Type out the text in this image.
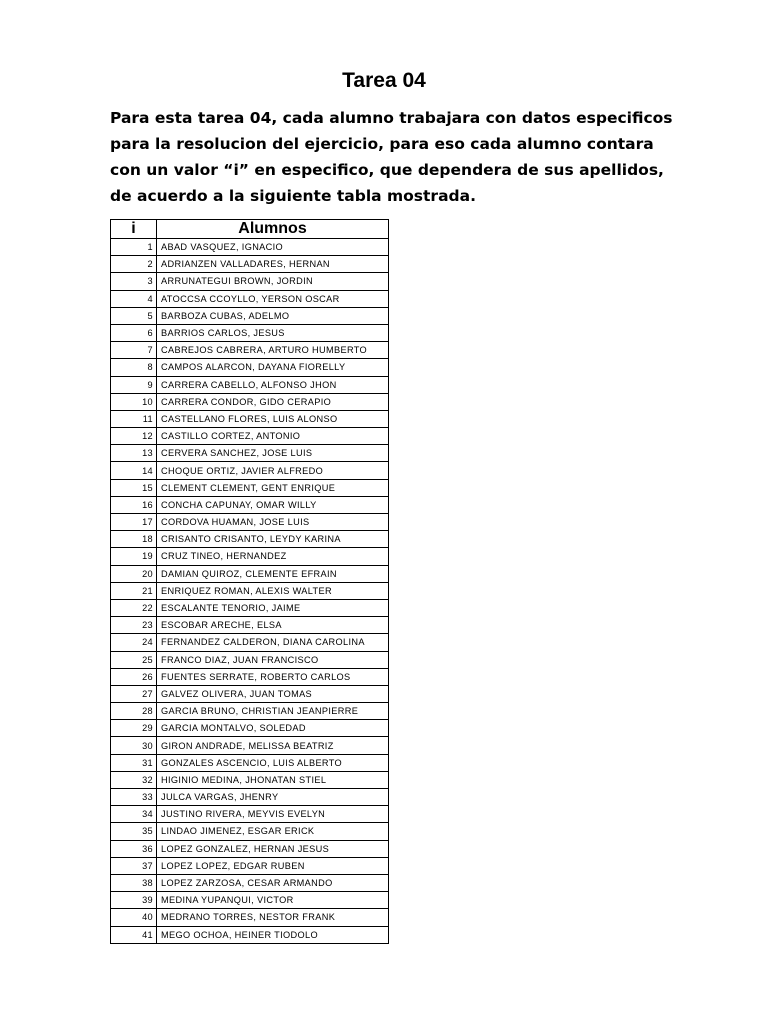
Tarea 04

Para esta tarea 04, cada alumno trabajara con datos especificos
para la resolucion del ejercicio, para eso cada alumno contara
con un valor “i” en especifico, que dependera de sus apellidos,
de acuerdo a la siguiente tabla mostrada.

i	Alumnos
1	ABAD VASQUEZ, IGNACIO
2	ADRIANZEN VALLADARES, HERNAN
3	ARRUNATEGUI BROWN, JORDIN
4	ATOCCSA CCOYLLO, YERSON OSCAR
5	BARBOZA CUBAS, ADELMO
6	BARRIOS CARLOS, JESUS
7	CABREJOS CABRERA, ARTURO HUMBERTO
8	CAMPOS ALARCON, DAYANA FIORELLY
9	CARRERA CABELLO, ALFONSO JHON
10	CARRERA CONDOR, GIDO CERAPIO
11	CASTELLANO FLORES, LUIS ALONSO
12	CASTILLO CORTEZ, ANTONIO
13	CERVERA SANCHEZ, JOSE LUIS
14	CHOQUE ORTIZ, JAVIER ALFREDO
15	CLEMENT CLEMENT, GENT ENRIQUE
16	CONCHA CAPUNAY, OMAR WILLY
17	CORDOVA HUAMAN, JOSE LUIS
18	CRISANTO CRISANTO, LEYDY KARINA
19	CRUZ TINEO, HERNANDEZ
20	DAMIAN QUIROZ, CLEMENTE EFRAIN
21	ENRIQUEZ ROMAN, ALEXIS WALTER
22	ESCALANTE TENORIO, JAIME
23	ESCOBAR ARECHE, ELSA
24	FERNANDEZ CALDERON, DIANA CAROLINA
25	FRANCO DIAZ, JUAN FRANCISCO
26	FUENTES SERRATE, ROBERTO CARLOS
27	GALVEZ OLIVERA, JUAN TOMAS
28	GARCIA BRUNO, CHRISTIAN JEANPIERRE
29	GARCIA MONTALVO, SOLEDAD
30	GIRON ANDRADE, MELISSA BEATRIZ
31	GONZALES ASCENCIO, LUIS ALBERTO
32	HIGINIO MEDINA, JHONATAN STIEL
33	JULCA VARGAS, JHENRY
34	JUSTINO RIVERA, MEYVIS EVELYN
35	LINDAO JIMENEZ, ESGAR ERICK
36	LOPEZ GONZALEZ, HERNAN JESUS
37	LOPEZ LOPEZ, EDGAR RUBEN
38	LOPEZ ZARZOSA, CESAR ARMANDO
39	MEDINA YUPANQUI, VICTOR
40	MEDRANO TORRES, NESTOR FRANK
41	MEGO OCHOA, HEINER TIODOLO
